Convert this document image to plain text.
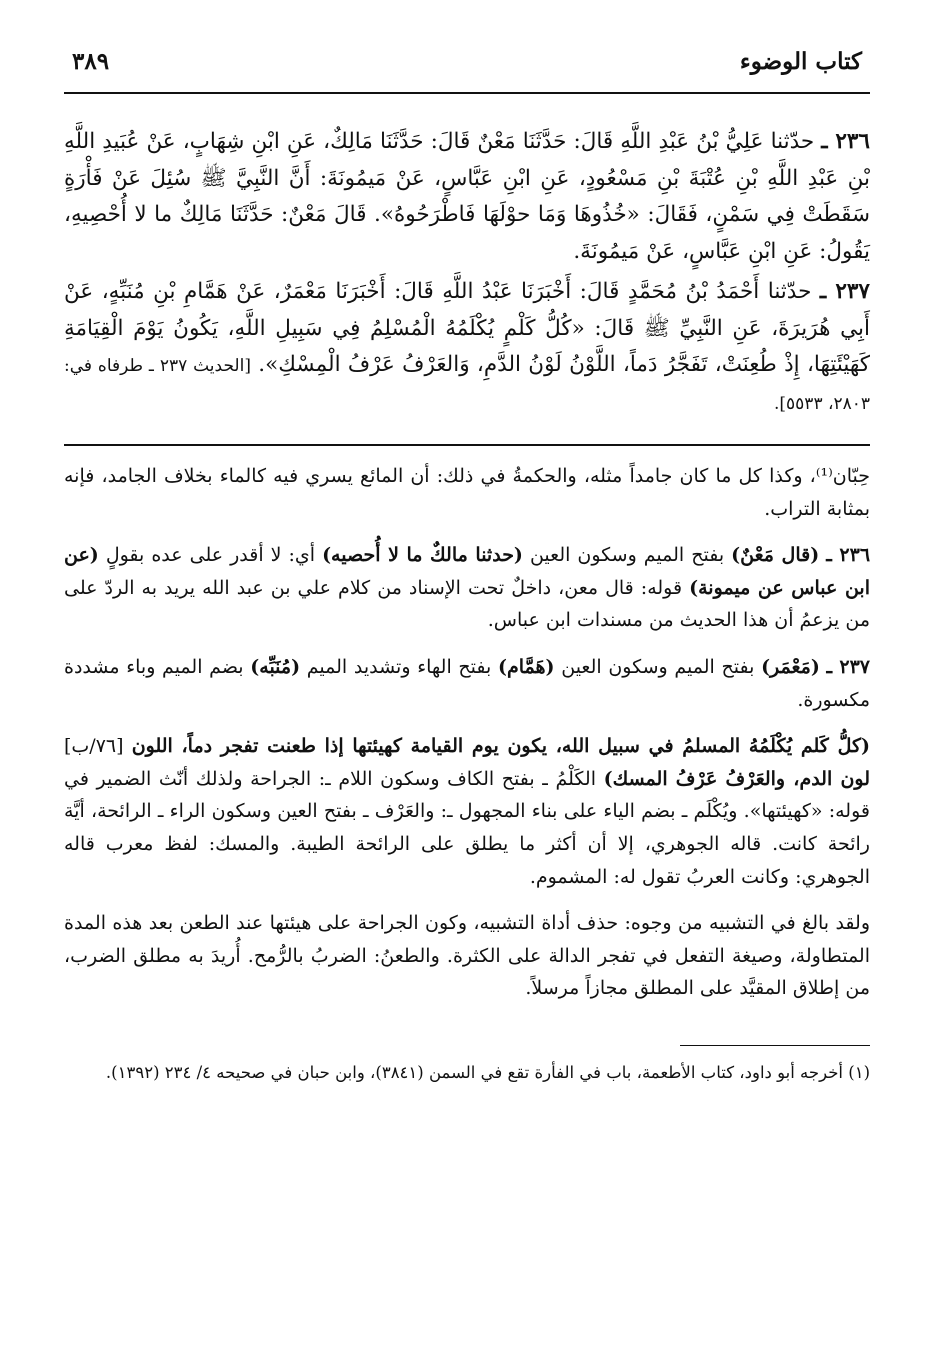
كتاب الوضوء
٣٨٩

٢٣٦ ـ حدّثنا عَلِيُّ بْنُ عَبْدِ اللَّهِ قَالَ: حَدَّثَنَا مَعْنٌ قَالَ: حَدَّثَنَا مَالِكٌ، عَنِ ابْنِ شِهَابٍ، عَنْ عُبَيدِ اللَّهِ بْنِ عَبْدِ اللَّهِ بْنِ عُتْبَةَ بْنِ مَسْعُودٍ، عَنِ ابْنِ عَبَّاسٍ، عَنْ مَيمُونَةَ: أَنَّ النَّبِيَّ ﷺ سُئِلَ عَنْ فَأْرَةٍ سَقَطَتْ فِي سَمْنٍ، فَقَالَ: «خُذُوهَا وَمَا حوْلَهَا فَاطْرَحُوهُ». قَالَ مَعْنٌ: حَدَّثَنَا مَالِكٌ ما لا أُحْصِيهِ، يَقُولُ: عَنِ ابْنِ عَبَّاسٍ، عَنْ مَيمُونَةَ.

٢٣٧ ـ حدّثنا أَحْمَدُ بْنُ مُحَمَّدٍ قَالَ: أَخْبَرَنَا عَبْدُ اللَّهِ قَالَ: أَخْبَرَنَا مَعْمَرٌ، عَنْ هَمَّامِ بْنِ مُنَبِّهٍ، عَنْ أَبِي هُرَيرَةَ، عَنِ النَّبِيِّ ﷺ قَالَ: «كُلُّ كَلْمٍ يُكْلَمُهُ الْمُسْلِمُ فِي سَبِيلِ اللَّهِ، يَكُونُ يَوْمَ الْقِيَامَةِ كَهَيْئَتِهَا، إِذْ طُعِنَتْ، تَفَجَّرُ دَماً، اللَّوْنُ لَوْنُ الدَّمِ، وَالعَرْفُ عَرْفُ الْمِسْكِ». [الحديث ٢٣٧ ـ طرفاه في: ٢٨٠٣، ٥٥٣٣].

حِبّان⁽¹⁾، وكذا كل ما كان جامداً مثله، والحكمةُ في ذلك: أن المائع يسري فيه كالماء بخلاف الجامد، فإنه بمثابة التراب.

٢٣٦ ـ (قال مَعْنٌ) بفتح الميم وسكون العين (حدثنا مالكٌ ما لا أُحصيه) أي: لا أقدر على عده بقولٍ (عن ابن عباس عن ميمونة) قوله: قال معن، داخلٌ تحت الإسناد من كلام علي بن عبد الله يريد به الردّ على من يزعمُ أن هذا الحديث من مسندات ابن عباس.

٢٣٧ ـ (مَعْمَر) بفتح الميم وسكون العين (هَمَّام) بفتح الهاء وتشديد الميم (مُنَبِّه) بضم الميم وباء مشددة مكسورة.

(كلُّ كَلم يُكْلَمُهُ المسلمُ في سبيل الله، يكون يوم القيامة كهيئتها إذا طعنت تفجر دماً، اللون [٧٦/ب] لون الدم، والعَرْفُ عَرْفُ المسك) الكَلْمُ ـ بفتح الكاف وسكون اللام ـ: الجراحة ولذلك أنّث الضمير في قوله: «كهيئتها». ويُكْلَم ـ بضم الياء على بناء المجهول ـ: والعَرْف ـ بفتح العين وسكون الراء ـ الرائحة، أيَّة رائحة كانت. قاله الجوهري، إلا أن أكثر ما يطلق على الرائحة الطيبة. والمسك: لفظ معرب قاله الجوهري: وكانت العربُ تقول له: المشموم.

ولقد بالغ في التشبيه من وجوه: حذف أداة التشبيه، وكون الجراحة على هيئتها عند الطعن بعد هذه المدة المتطاولة، وصيغة التفعل في تفجر الدالة على الكثرة. والطعنُ: الضربُ بالرُّمح. أُريدَ به مطلق الضرب، من إطلاق المقيَّد على المطلق مجازاً مرسلاً.

(١) أخرجه أبو داود، كتاب الأطعمة، باب في الفأرة تقع في السمن (٣٨٤١)، وابن حبان في صحيحه ٤/ ٢٣٤ (١٣٩٢).
